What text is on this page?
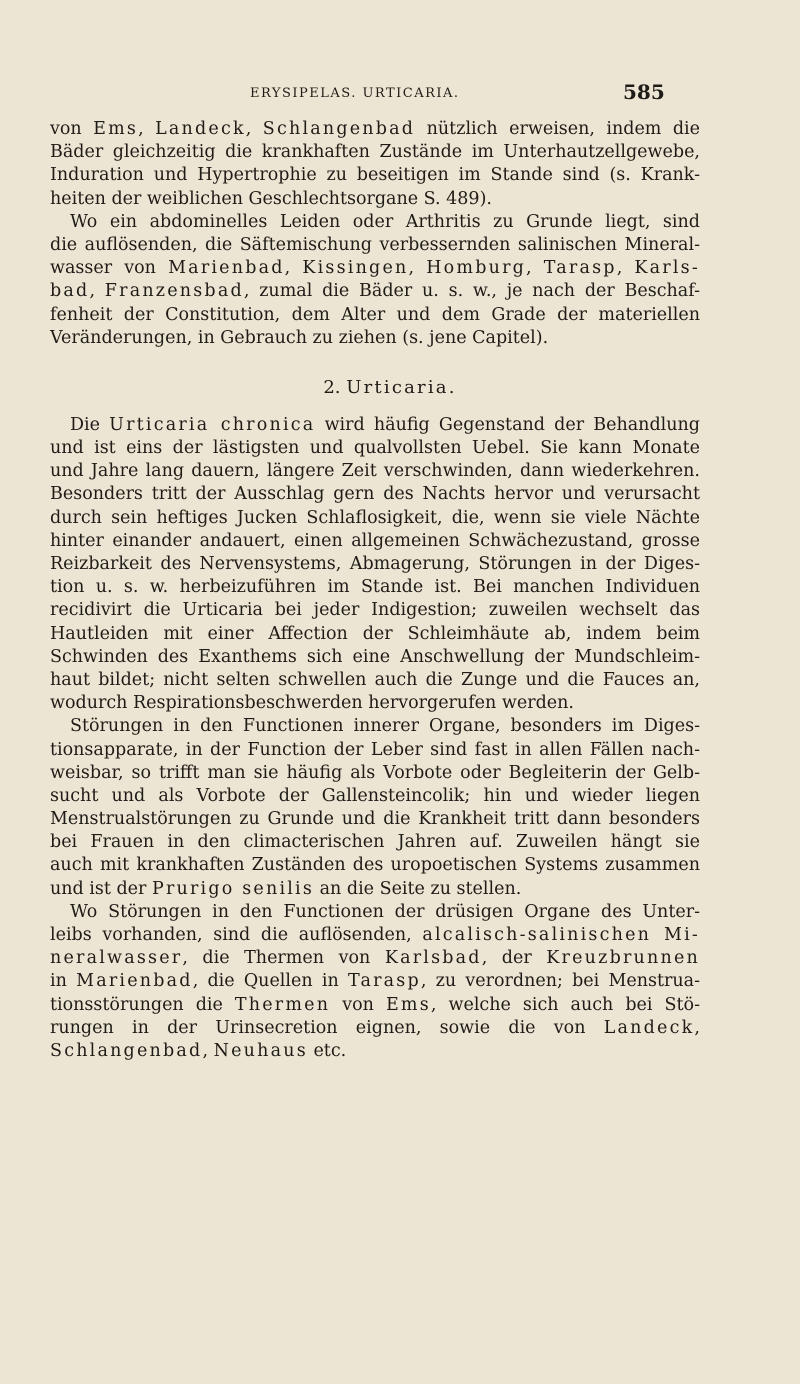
ERYSIPELAS. URTICARIA.	585
von Ems, Landeck, Schlangenbad nützlich erweisen, indem die
Bäder gleichzeitig die krankhaften Zustände im Unterhautzellgewebe,
Induration und Hypertrophie zu beseitigen im Stande sind (s. Krank-
heiten der weiblichen Geschlechtsorgane S. 489).
Wo ein abdominelles Leiden oder Arthritis zu Grunde liegt, sind
die auflösenden, die Säftemischung verbessernden salinischen Mineral-
wasser von Marienbad, Kissingen, Homburg, Tarasp, Karls-
bad, Franzensbad, zumal die Bäder u. s. w., je nach der Beschaf-
fenheit der Constitution, dem Alter und dem Grade der materiellen
Veränderungen, in Gebrauch zu ziehen (s. jene Capitel).
2. Urticaria.
Die Urticaria chronica wird häufig Gegenstand der Behandlung
und ist eins der lästigsten und qualvollsten Uebel. Sie kann Monate
und Jahre lang dauern, längere Zeit verschwinden, dann wiederkehren.
Besonders tritt der Ausschlag gern des Nachts hervor und verursacht
durch sein heftiges Jucken Schlaflosigkeit, die, wenn sie viele Nächte
hinter einander andauert, einen allgemeinen Schwächezustand, grosse
Reizbarkeit des Nervensystems, Abmagerung, Störungen in der Diges-
tion u. s. w. herbeizuführen im Stande ist. Bei manchen Individuen
recidivirt die Urticaria bei jeder Indigestion; zuweilen wechselt das
Hautleiden mit einer Affection der Schleimhäute ab, indem beim
Schwinden des Exanthems sich eine Anschwellung der Mundschleim-
haut bildet; nicht selten schwellen auch die Zunge und die Fauces an,
wodurch Respirationsbeschwerden hervorgerufen werden.
Störungen in den Functionen innerer Organe, besonders im Diges-
tionsapparate, in der Function der Leber sind fast in allen Fällen nach-
weisbar, so trifft man sie häufig als Vorbote oder Begleiterin der Gelb-
sucht und als Vorbote der Gallensteincolik; hin und wieder liegen
Menstrualstörungen zu Grunde und die Krankheit tritt dann besonders
bei Frauen in den climacterischen Jahren auf. Zuweilen hängt sie
auch mit krankhaften Zuständen des uropoetischen Systems zusammen
und ist der Prurigo senilis an die Seite zu stellen.
Wo Störungen in den Functionen der drüsigen Organe des Unter-
leibs vorhanden, sind die auflösenden, alcalisch-salinischen Mi-
neralwasser, die Thermen von Karlsbad, der Kreuzbrunnen
in Marienbad, die Quellen in Tarasp, zu verordnen; bei Menstrua-
tionsstörungen die Thermen von Ems, welche sich auch bei Stö-
rungen in der Urinsecretion eignen, sowie die von Landeck,
Schlangenbad, Neuhaus etc.
